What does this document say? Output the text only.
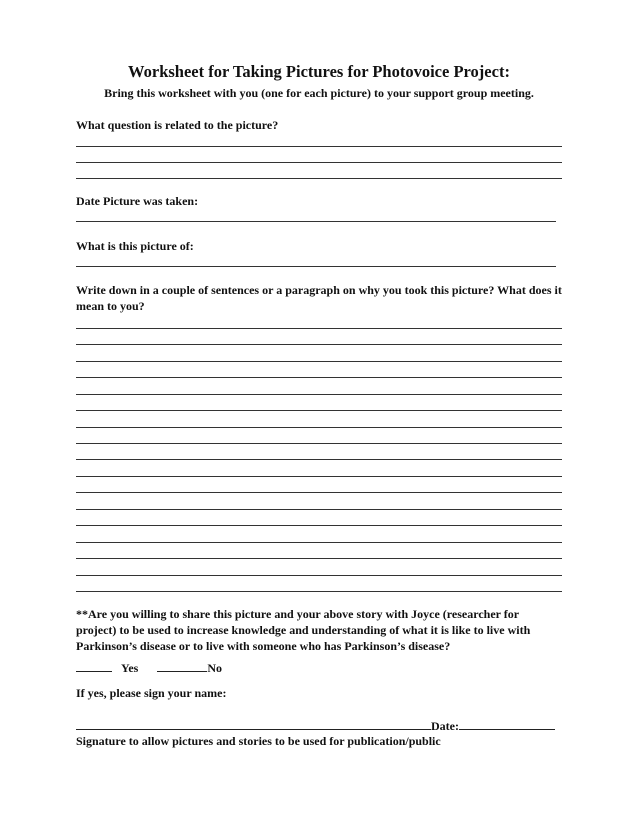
Worksheet for Taking Pictures for Photovoice Project:

Bring this worksheet with you (one for each picture) to your support group meeting.

What question is related to the picture?

Date Picture was taken:

What is this picture of:

Write down in a couple of sentences or a paragraph on why you took this picture? What does it mean to you?

**Are you willing to share this picture and your above story with Joyce (researcher for project) to be used to increase knowledge and understanding of what it is like to live with Parkinson’s disease or to live with someone who has Parkinson’s disease?

Yes	No

If yes, please sign your name:

Date:

Signature to allow pictures and stories to be used for publication/public
